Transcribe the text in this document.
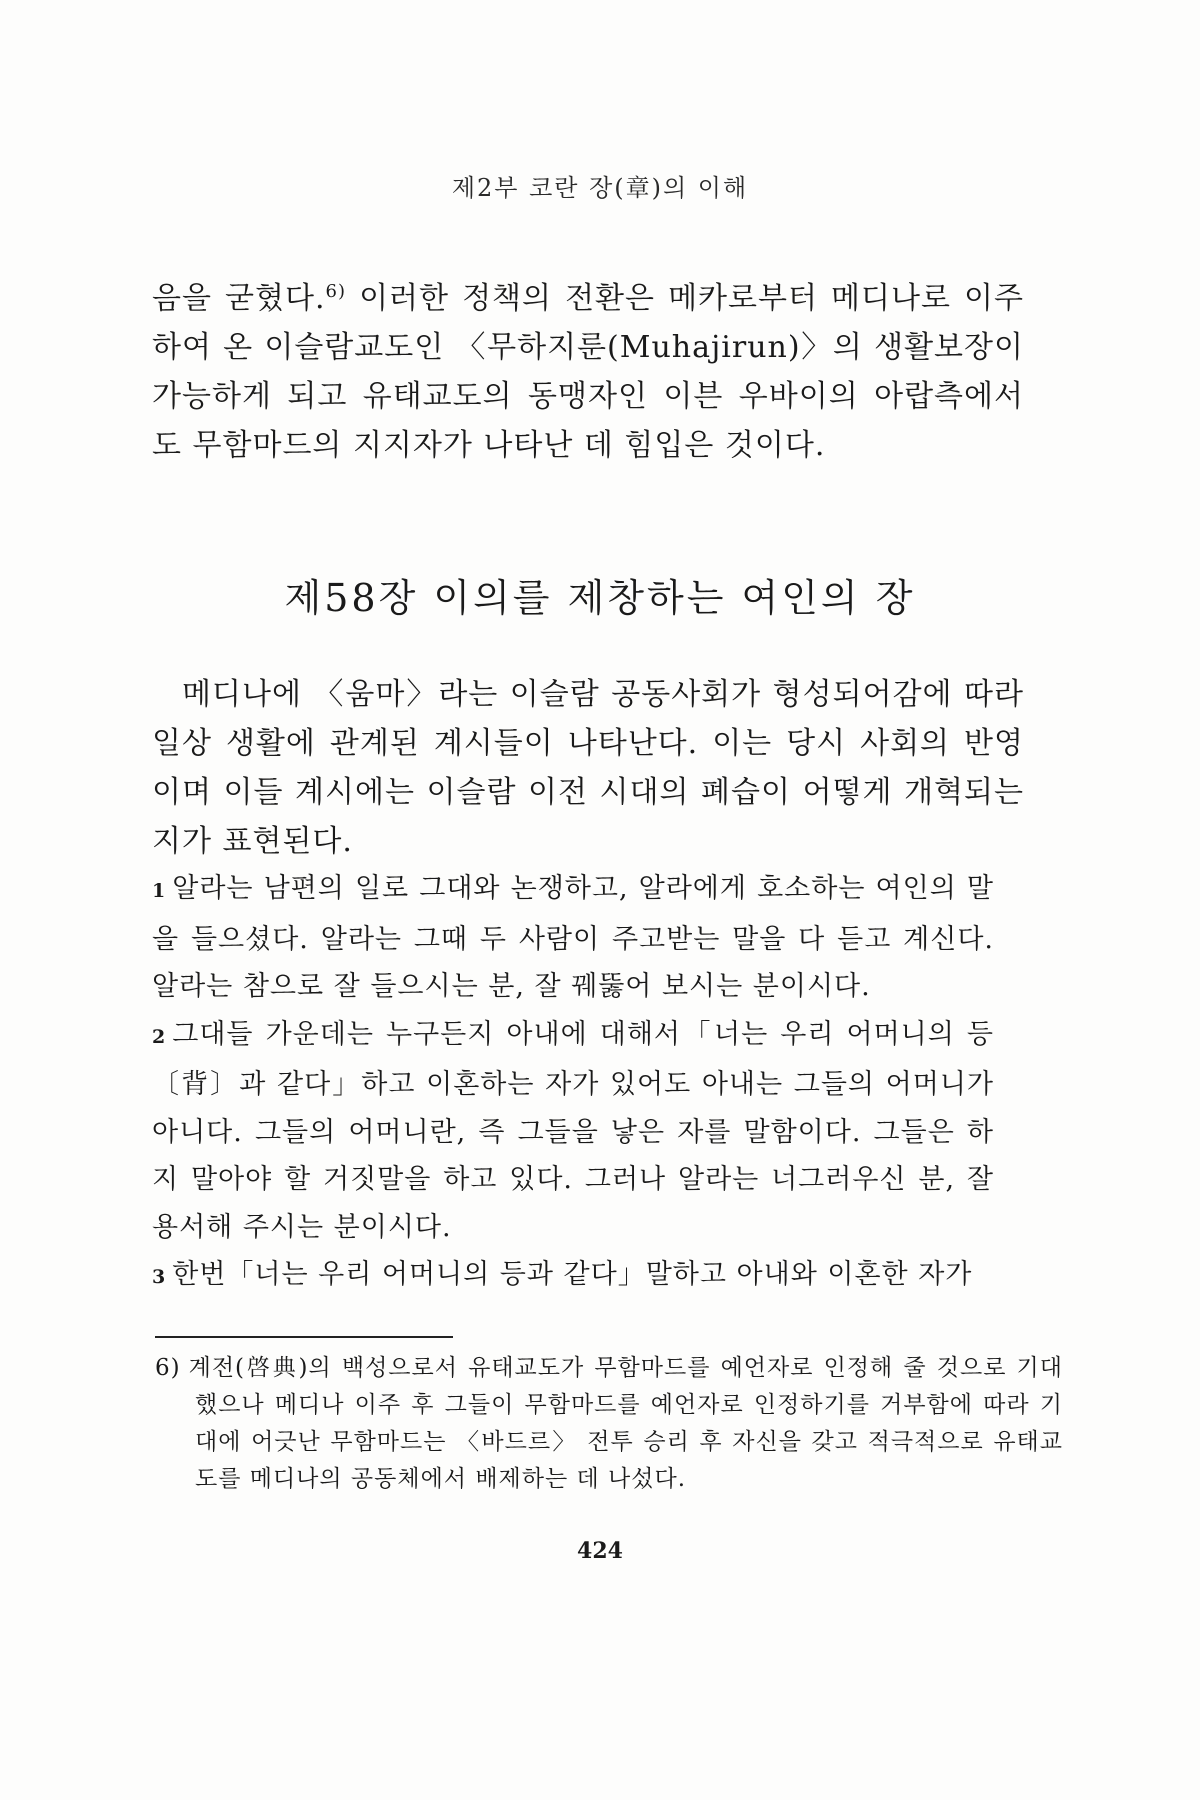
제2부 코란 장(章)의 이해

음을 굳혔다.$^{6)}$ 이러한 정책의 전환은 메카로부터 메디나로 이주하여 온 이슬람교도인 〈무하지룬(Muhajirun)〉의 생활보장이 가능하게 되고 유태교도의 동맹자인 이븐 우바이의 아랍측에서도 무함마드의 지지자가 나타난 데 힘입은 것이다.

제58장 이의를 제창하는 여인의 장

메디나에 〈움마〉라는 이슬람 공동사회가 형성되어감에 따라 일상 생활에 관계된 계시들이 나타난다. 이는 당시 사회의 반영이며 이들 계시에는 이슬람 이전 시대의 폐습이 어떻게 개혁되는지가 표현된다.

1 알라는 남편의 일로 그대와 논쟁하고, 알라에게 호소하는 여인의 말을 들으셨다. 알라는 그때 두 사람이 주고받는 말을 다 듣고 계신다. 알라는 참으로 잘 들으시는 분, 잘 꿰뚫어 보시는 분이시다.

2 그대들 가운데는 누구든지 아내에 대해서「너는 우리 어머니의 등〔背〕과 같다」하고 이혼하는 자가 있어도 아내는 그들의 어머니가 아니다. 그들의 어머니란, 즉 그들을 낳은 자를 말함이다. 그들은 하지 말아야 할 거짓말을 하고 있다. 그러나 알라는 너그러우신 분, 잘 용서해 주시는 분이시다.

3 한번「너는 우리 어머니의 등과 같다」말하고 아내와 이혼한 자가

6) 계전(啓典)의 백성으로서 유태교도가 무함마드를 예언자로 인정해 줄 것으로 기대했으나 메디나 이주 후 그들이 무함마드를 예언자로 인정하기를 거부함에 따라 기대에 어긋난 무함마드는 〈바드르〉 전투 승리 후 자신을 갖고 적극적으로 유태교도를 메디나의 공동체에서 배제하는 데 나섰다.

424
